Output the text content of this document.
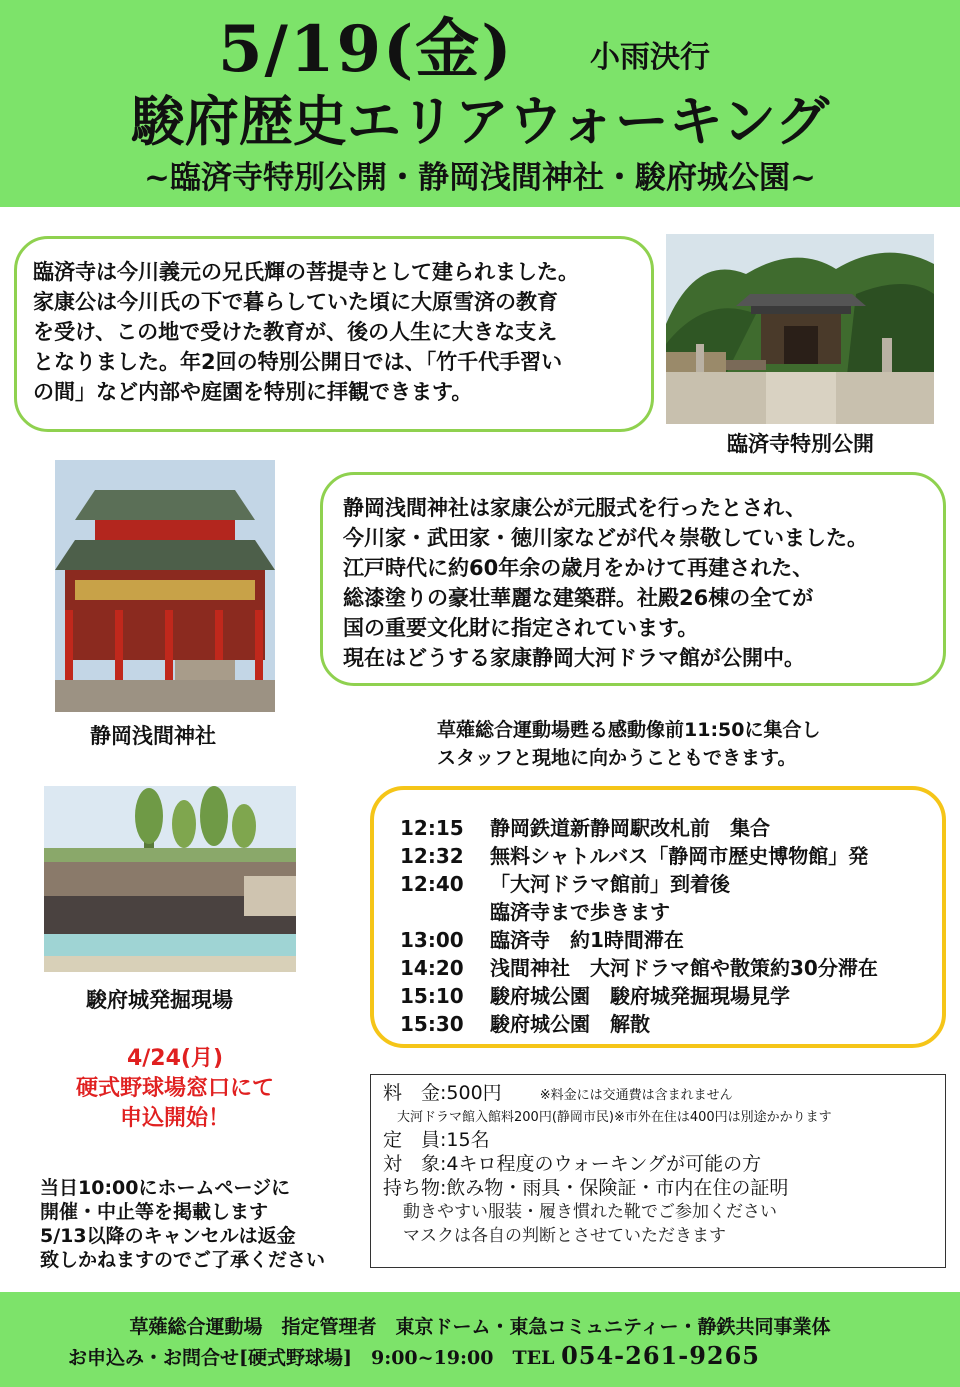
5/19(金)	小雨決行
駿府歴史エリアウォーキング
~臨済寺特別公開・静岡浅間神社・駿府城公園~

臨済寺は今川義元の兄氏輝の菩提寺として建られました。

家康公は今川氏の下で暮らしていた頃に大原雪済の教育

を受け、この地で受けた教育が、後の人生に大きな支え

となりました。年2回の特別公開日では、「竹千代手習い

の間」など内部や庭園を特別に拝観できます。

臨済寺特別公開
静岡浅間神社

静岡浅間神社は家康公が元服式を行ったとされ、

今川家・武田家・徳川家などが代々崇敬していました。

江戸時代に約60年余の歳月をかけて再建された、

総漆塗りの豪壮華麗な建築群。社殿26棟の全てが

国の重要文化財に指定されています。

現在はどうする家康静岡大河ドラマ館が公開中。

草薙総合運動場甦る感動像前11:50に集合し
スタッフと現地に向かうこともできます。
駿府城発掘現場
12:15	静岡鉄道新静岡駅改札前　集合
12:32	無料シャトルバス「静岡市歴史博物館」発
12:40	「大河ドラマ館前」到着後
臨済寺まで歩きます
13:00	臨済寺　約1時間滞在
14:20	浅間神社　大河ドラマ館や散策約30分滞在
15:10	駿府城公園　駿府城発掘現場見学
15:30	駿府城公園　解散
4/24(月)
硬式野球場窓口にて
申込開始！
当日10:00にホームページに
開催・中止等を掲載します
5/13以降のキャンセルは返金
致しかねますのでご了承ください
料　金:500円　　	※料金には交通費は含まれません
大河ドラマ館入館料200円(静岡市民)※市外在住は400円は別途かかります
定　員:15名
対　象:4キロ程度のウォーキングが可能の方
持ち物:飲み物・雨具・保険証・市内在住の証明
動きやすい服装・履き慣れた靴でご参加ください
マスクは各自の判断とさせていただきます
草薙総合運動場　指定管理者　東京ドーム・東急コミュニティー・静鉄共同事業体
お申込み・お問合せ[硬式野球場]　9:00~19:00　TEL 054-261-9265
